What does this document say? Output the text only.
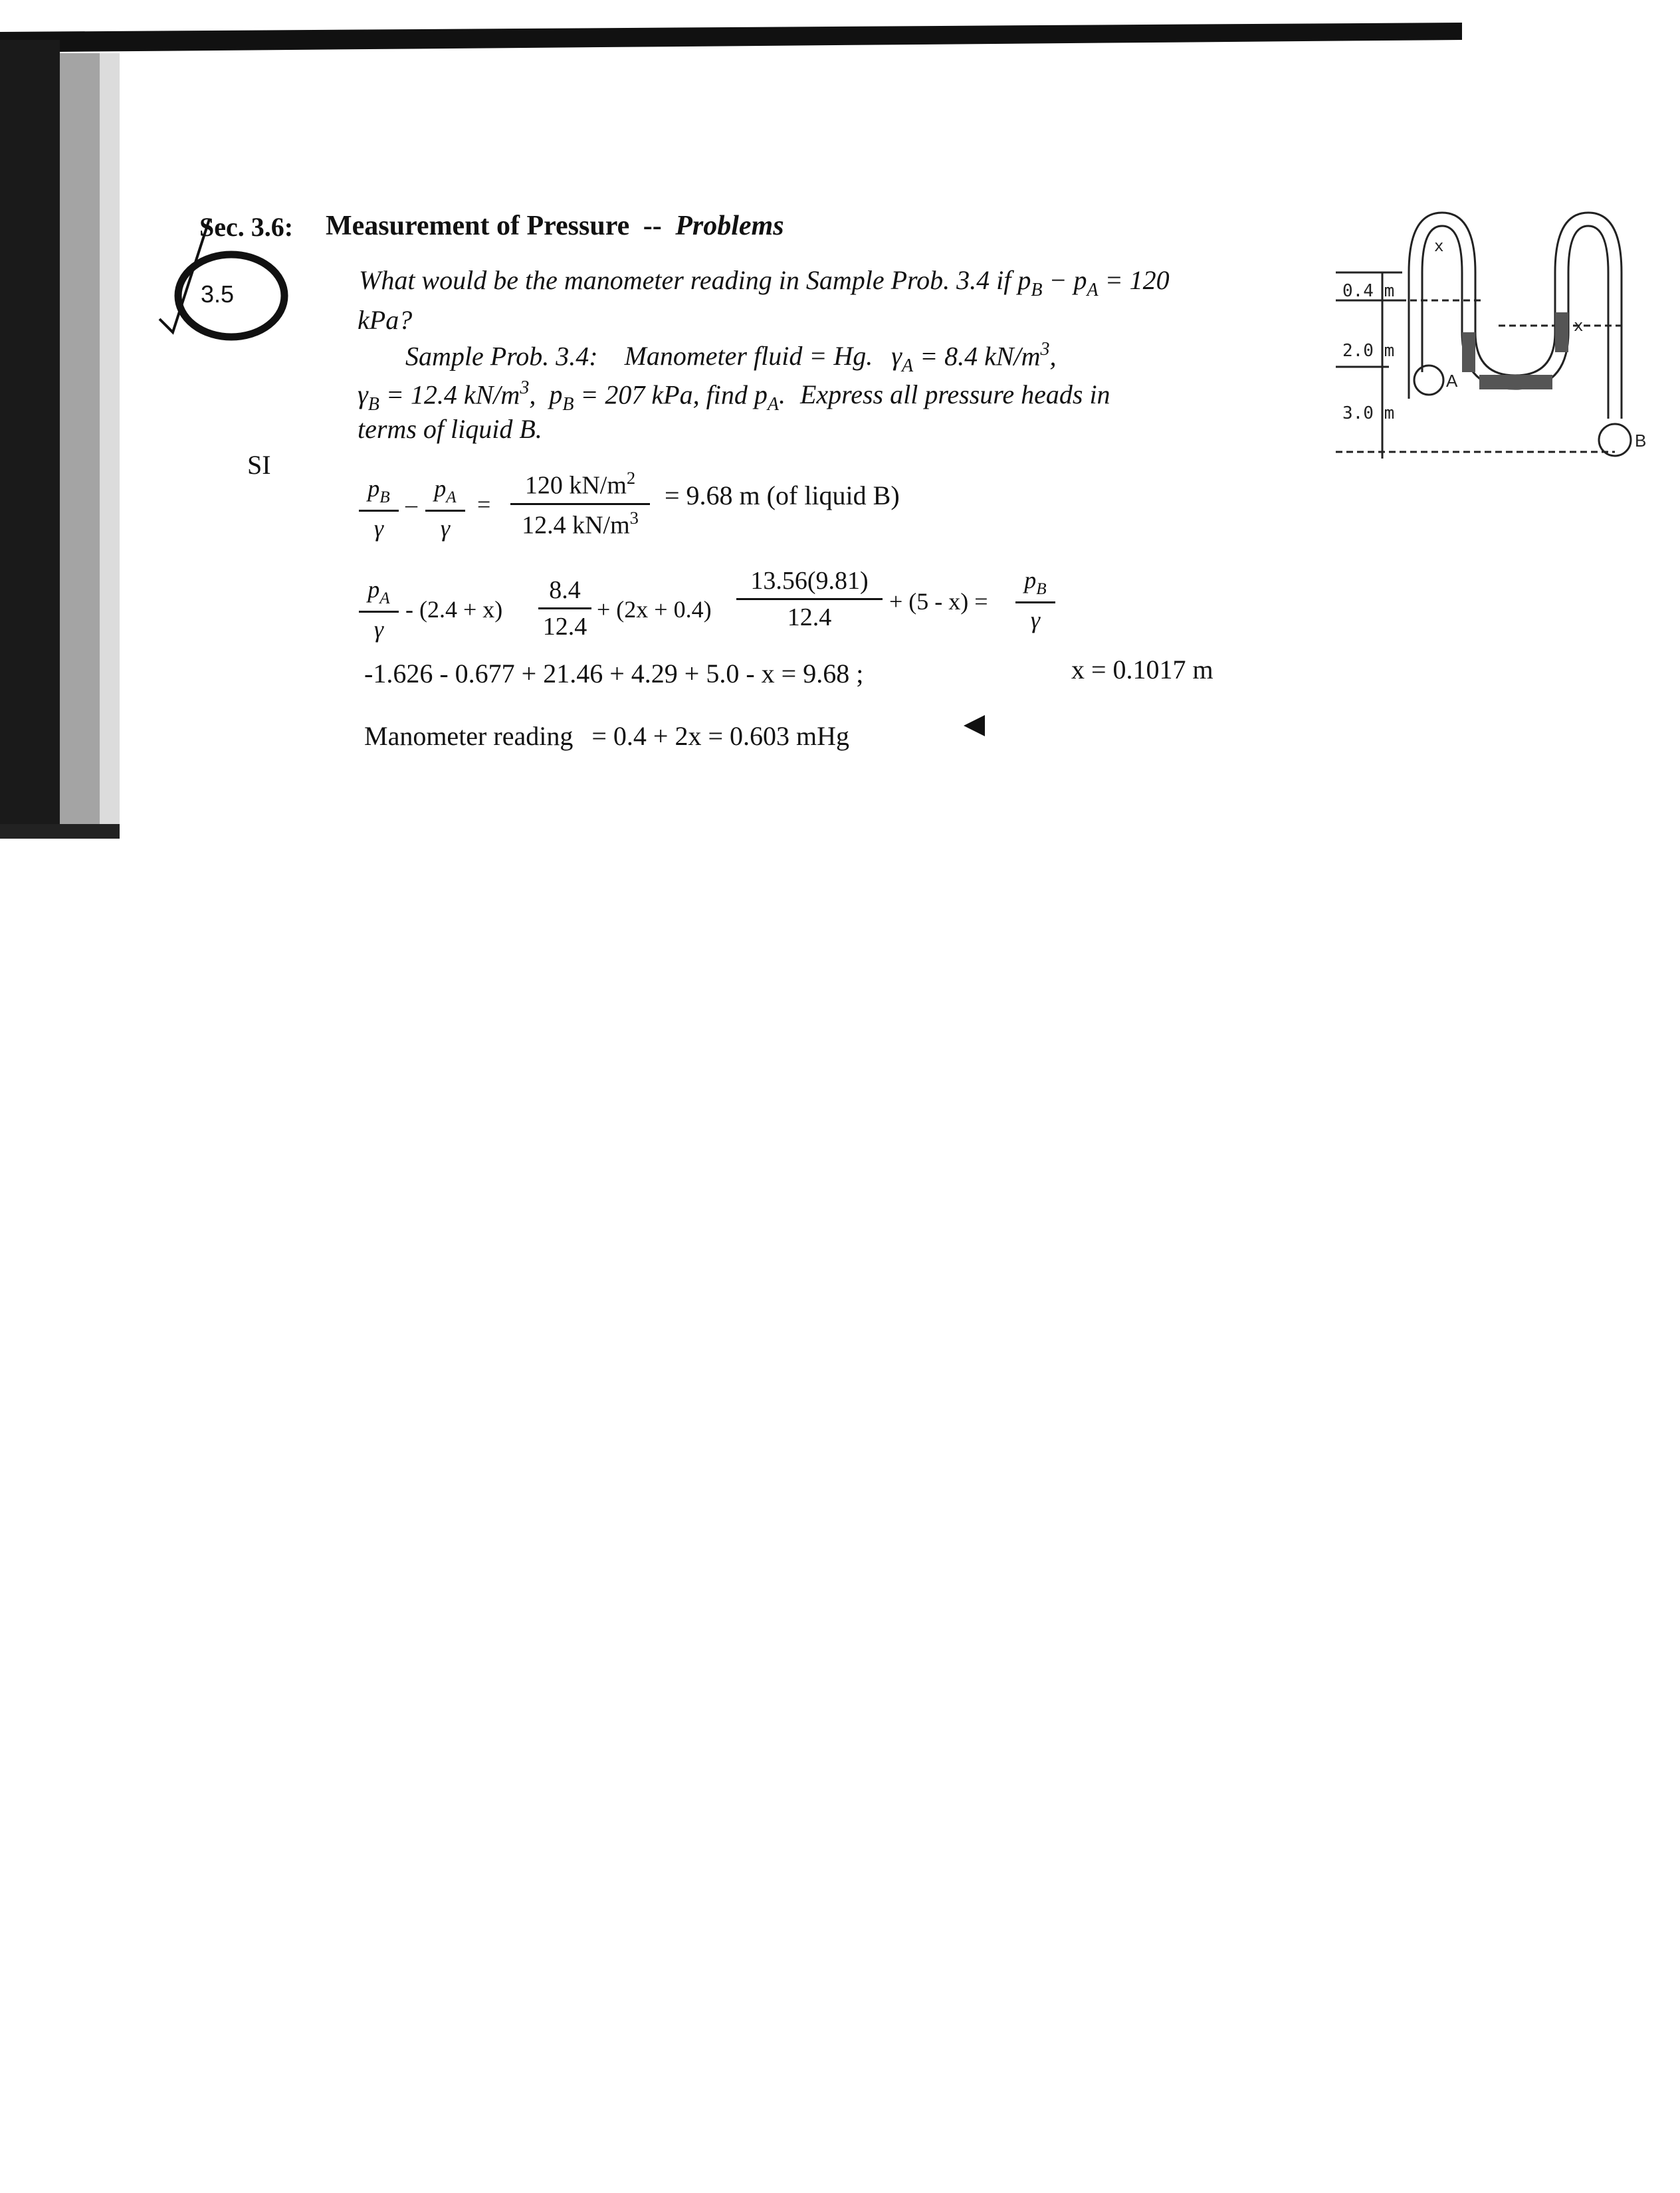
Sec. 3.6: Measurement of Pressure -- Problems
3.5	What would be the manometer reading in Sample Prob. 3.4 if $p_B - p_A = 120$
kPa?
Sample Prob. 3.4: Manometer fluid = Hg. $\gamma_A = 8.4$ $kN/m^3$,
$\gamma_B = 12.4$ $kN/m^3$, $p_B = 207$ kPa, find $p_A$. Express all pressure heads in
terms of liquid B.
SI
$p_B$
γ
–
$p_A$
γ
=
120 $kN/m^2$
12.4 $kN/m^3$
= 9.68 m (of liquid B)
$p_A$
γ
- (2.4 + x)
8.4
12.4
+ (2x + 0.4)
13.56(9.81)
12.4
+ (5 - x) =
$p_B$
γ
-1.626 - 0.677 + 21.46 + 4.29 + 5.0 - x = 9.68 ;	x = 0.1017 m
Manometer reading = 0.4 + 2x = 0.603 mHg
0.4 m
2.0 m
3.0 m
x
x
A
B
